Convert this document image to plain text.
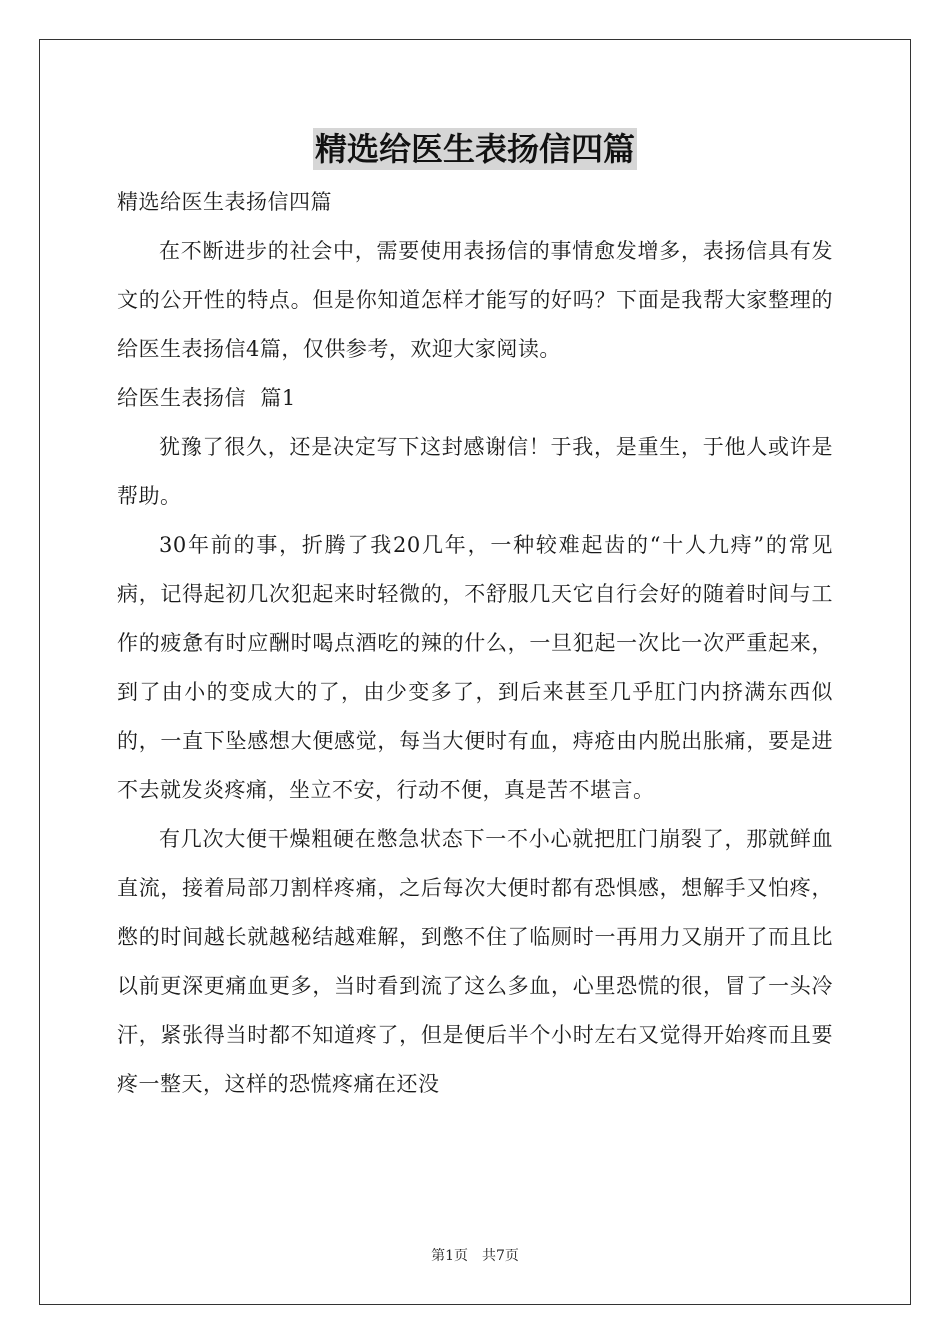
精选给医生表扬信四篇

精选给医生表扬信四篇

在不断进步的社会中，需要使用表扬信的事情愈发增多，表扬信具有发文的公开性的特点。但是你知道怎样才能写的好吗？下面是我帮大家整理的给医生表扬信4篇，仅供参考，欢迎大家阅读。

给医生表扬信  篇1

犹豫了很久，还是决定写下这封感谢信！于我，是重生，于他人或许是帮助。

30年前的事，折腾了我20几年，一种较难起齿的“十人九痔”的常见病，记得起初几次犯起来时轻微的，不舒服几天它自行会好的随着时间与工作的疲惫有时应酬时喝点酒吃的辣的什么，一旦犯起一次比一次严重起来，到了由小的变成大的了，由少变多了，到后来甚至几乎肛门内挤满东西似的，一直下坠感想大便感觉，每当大便时有血，痔疮由内脱出胀痛，要是进不去就发炎疼痛，坐立不安，行动不便，真是苦不堪言。

有几次大便干燥粗硬在憋急状态下一不小心就把肛门崩裂了，那就鲜血直流，接着局部刀割样疼痛，之后每次大便时都有恐惧感，想解手又怕疼，憋的时间越长就越秘结越难解，到憋不住了临厕时一再用力又崩开了而且比以前更深更痛血更多，当时看到流了这么多血，心里恐慌的很，冒了一头冷汗，紧张得当时都不知道疼了，但是便后半个小时左右又觉得开始疼而且要疼一整天，这样的恐慌疼痛在还没

第1页 共7页
